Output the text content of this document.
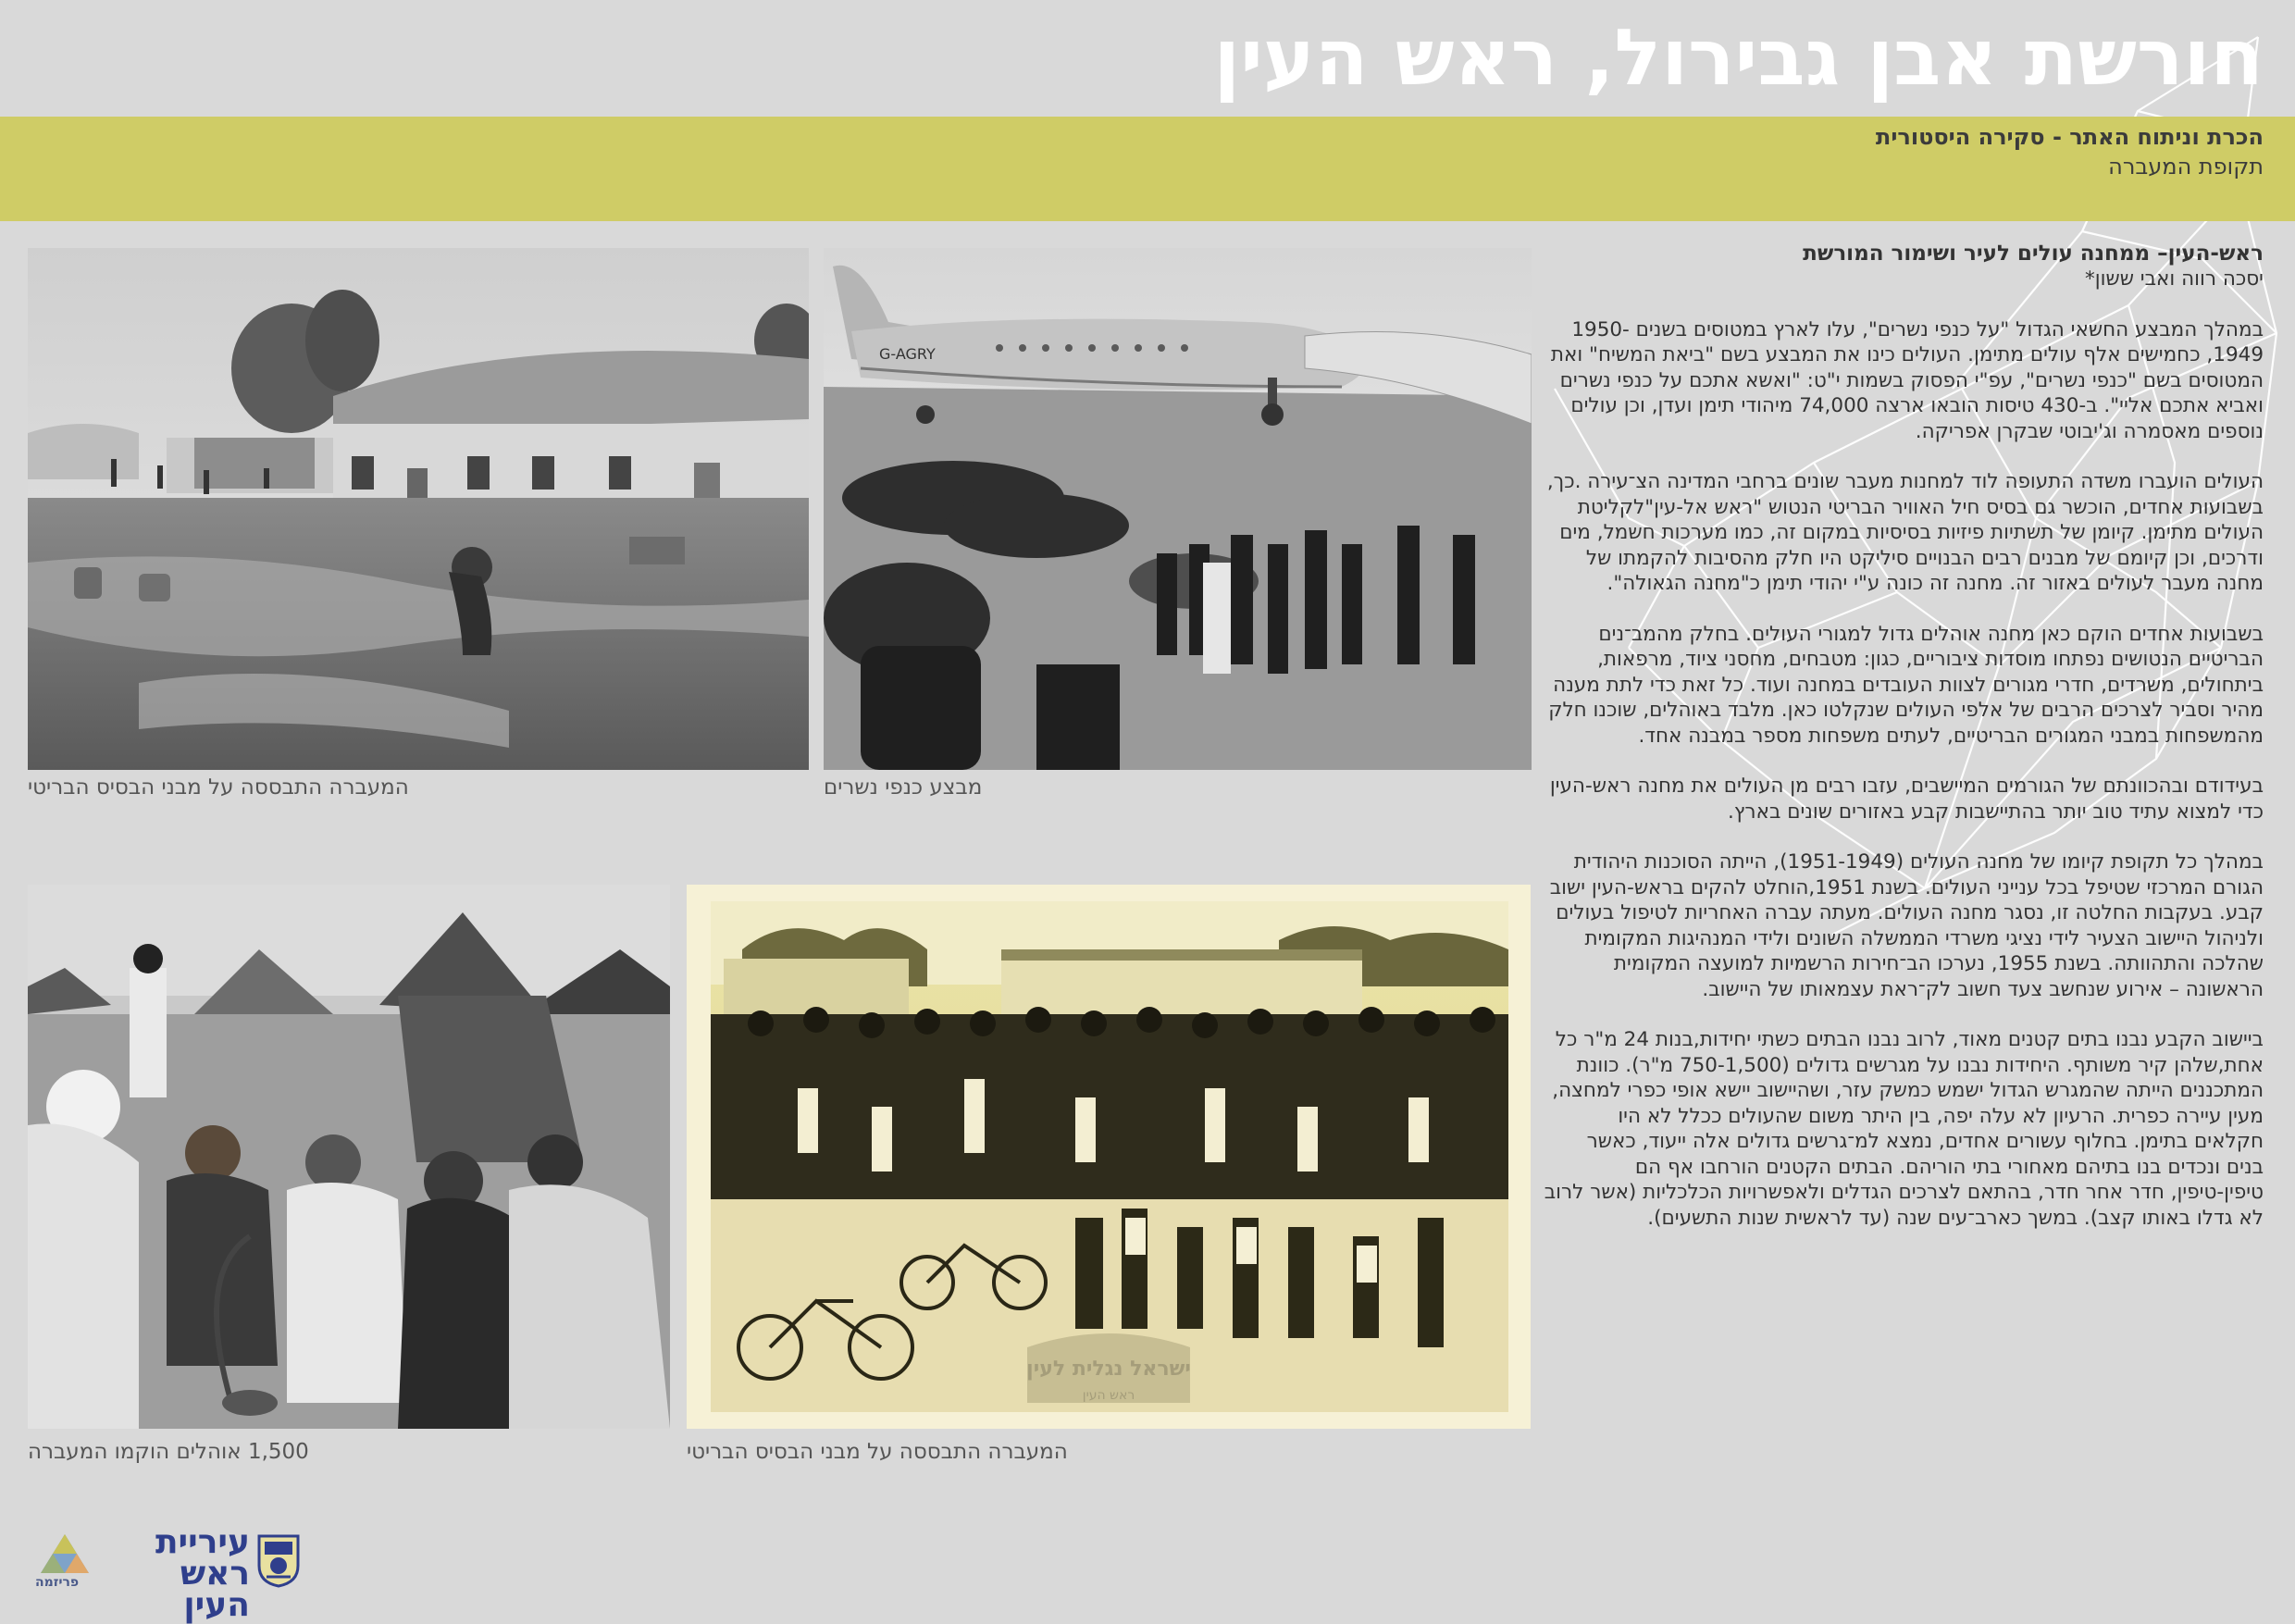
חורשת אבן גבירול, ראש העין
הכרת וניתוח האתר - סקירה היסטורית
תקופת המעברה
המעברה התבססה על מבני הבסיס הבריטי
G-AGRY
מבצע כנפי נשרים
1,500 אוהלים הוקמו המעברה
ישראל נגלית לעין
ראש העין
המעברה התבססה על מבני הבסיס הבריטי
ראש-העין– ממחנה עולים לעיר ושימור המורשת
יסכה רווה ואבי ששון*

במהלך המבצע החשאי הגדול "על כנפי נשרים", עלו לארץ במטוסים בשנים 1950-1949, כחמישים אלף עולים מתימן. העולים כינו את המבצע בשם "ביאת המשיח" ואת המטוסים בשם "כנפי נשרים", עפ"י הפסוק בשמות י"ט: "ואשא אתכם על כנפי נשרים ואביא אתכם אליי". ב-430 טיסות הובאו ארצה 74,000 מיהודי תימן ועדן, וכן עולים נוספים מאסמרה וג'יבוטי שבקרן אפריקה.

העולים הועברו משדה התעופה לוד למחנות מעבר שונים ברחבי המדינה הצ־עירה .כך, בשבועות אחדים, הוכשר גם בסיס חיל האוויר הבריטי הנטוש "ראש אל-עין"לקליטת העולים מתימן. קיומן של תשתיות פיזיות בסיסיות במקום זה, כמו מערכות חשמל, מים ודרכים, וכן קיומם של מבנים רבים הבנויים סיליקט היו חלק מהסיבות להקמתו של מחנה מעבר לעולים באזור זה. מחנה זה כונה ע"י יהודי תימן כ"מחנה הגאולה".

בשבועות אחדים הוקם כאן מחנה אוהלים גדול למגורי העולים. בחלק מהמב־נים הבריטיים הנטושים נפתחו מוסדות ציבוריים, כגון: מטבחים, מחסני ציוד, מרפאות, ביתחולים, משרדים, חדרי מגורים לצוות העובדים במחנה ועוד. כל זאת כדי לתת מענה מהיר וסביר לצרכים הרבים של אלפי העולים שנקלטו כאן. מלבד באוהלים, שוכנו חלק מהמשפחות במבני המגורים הבריטיים, לעתים משפחות מספר במבנה אחד.

בעידודם ובהכוונתם של הגורמים המיישבים, עזבו רבים מן העולים את מחנה ראש-העין כדי למצוא עתיד טוב יותר בהתיישבות קבע באזורים שונים בארץ.

במהלך כל תקופת קיומו של מחנה העולים (1951-1949), הייתה הסוכנות היהודית הגורם המרכזי שטיפל בכל ענייני העולים. בשנת 1951,הוחלט להקים בראש-העין ישוב קבע. בעקבות החלטה זו, נסגר מחנה העולים. מעתה עברה האחריות לטיפול בעולים ולניהול היישוב הצעיר לידי נציגי משרדי הממשלה השונים ולידי המנהיגות המקומית שהלכה והתהוותה. בשנת 1955, נערכו הב־חירות הרשמיות למועצה המקומית הראשונה – אירוע שנחשב צעד חשוב לק־ראת עצמאותו של היישוב.

ביישוב הקבע נבנו בתים קטנים מאוד, לרוב נבנו הבתים כשתי יחידות,בנות 24 מ"ר כל אחת,שלהן קיר משותף. היחידות נבנו על מגרשים גדולים (750-1,500 מ"ר). כוונת המתכננים הייתה שהמגרש הגדול ישמש כמשק עזר, ושהיישוב יישא אופי כפרי למחצה, מעין עיירה כפרית. הרעיון לא עלה יפה, בין היתר משום שהעולים ככלל לא היו חקלאים בתימן. בחלוף עשורים אחדים, נמצא למ־גרשים גדולים אלה ייעוד, כאשר בנים ונכדים בנו בתיהם מאחורי בתי הוריהם. הבתים הקטנים הורחבו אף הם טיפין-טיפין, חדר אחר חדר, בהתאם לצרכים הגדלים ולאפשרויות הכלכליות (אשר לרוב לא גדלו באותו קצב). במשך כארב־עים שנה (עד לראשית שנות התשעים).

פריזמה
עיריית
ראש העין
